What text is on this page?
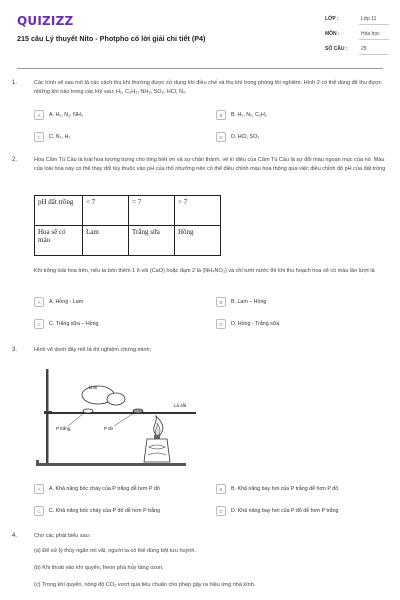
QUIZIZZ
215 câu Lý thuyết Nito - Photpho có lời giải chi tiết (P4)
LỚP :	Lớp 11
MÔN :	Hóa học
SỐ CÂU :	25
1.	Các hình vẽ sau mô tả các cách thu khí thường được sử dụng khi điều chế và thu khí trong phòng thí nghiệm. Hình 2 có thể dùng để thu được những khí nào trong các khí sau: H₂, C₂H₂, NH₃, SO₂, HCl, N₂.
A	A. H₂, N₂, NH₃	B	B. H₂, N₂, C₂H₂
C	C. N₂, H₂	D	D. HCl, SO₂
2.	Hoa Cẩm Tú Cầu là loài hoa tượng trưng cho lòng biết ơn và sự chân thành, vẻ kì diệu của Cẩm Tú Cầu là sự đổi màu ngoạn mục của nó. Màu của loài hoa này có thể thay đổi tùy thuộc vào pH của thổ nhưỡng nên có thể điều chỉnh màu hoa thông qua việc điều chỉnh độ pH của đất trồng
pH đất trồng	< 7	= 7	> 7
Hoa sẽ có màu	Lam	Trắng sữa	Hồng
Khi trồng loài hoa trên, nếu ta bón thêm 1 ít vôi (CaO) hoặc đạm 2 lá (NH₄NO₃) và chỉ tưới nước thì khi thu hoạch hoa sẽ có màu lần lượt là
A	A. Hồng - Lam	B	B. Lam – Hồng
C	C. Trắng sữa – Hồng	D	D. Hồng - Trắng sữa
3.	Hình vẽ dưới đây mô tả thí nghiệm chứng minh:
khói
Lá sắt
P trắng	P đỏ
A	A. Khả năng bốc cháy của P trắng dễ hơn P đỏ	B	B. Khả năng bay hơi của P trắng dễ hơn P đỏ
C	C. Khả năng bốc cháy của P đỏ dễ hơn P trắng	D	D. Khả năng bay hơi của P đỏ dễ hơn P trắng
4.	Cho các phát biểu sau:
(a) Để xử lý thủy ngân rơi vãi, người ta có thể dùng bột lưu huỳnh.
(b) Khi thoát vào khí quyển, freon phá hủy tầng ozon.
(c) Trong khí quyển, nồng độ CO₂ vượt quá tiêu chuẩn cho phép gây ra hiệu ứng nhà kính.
